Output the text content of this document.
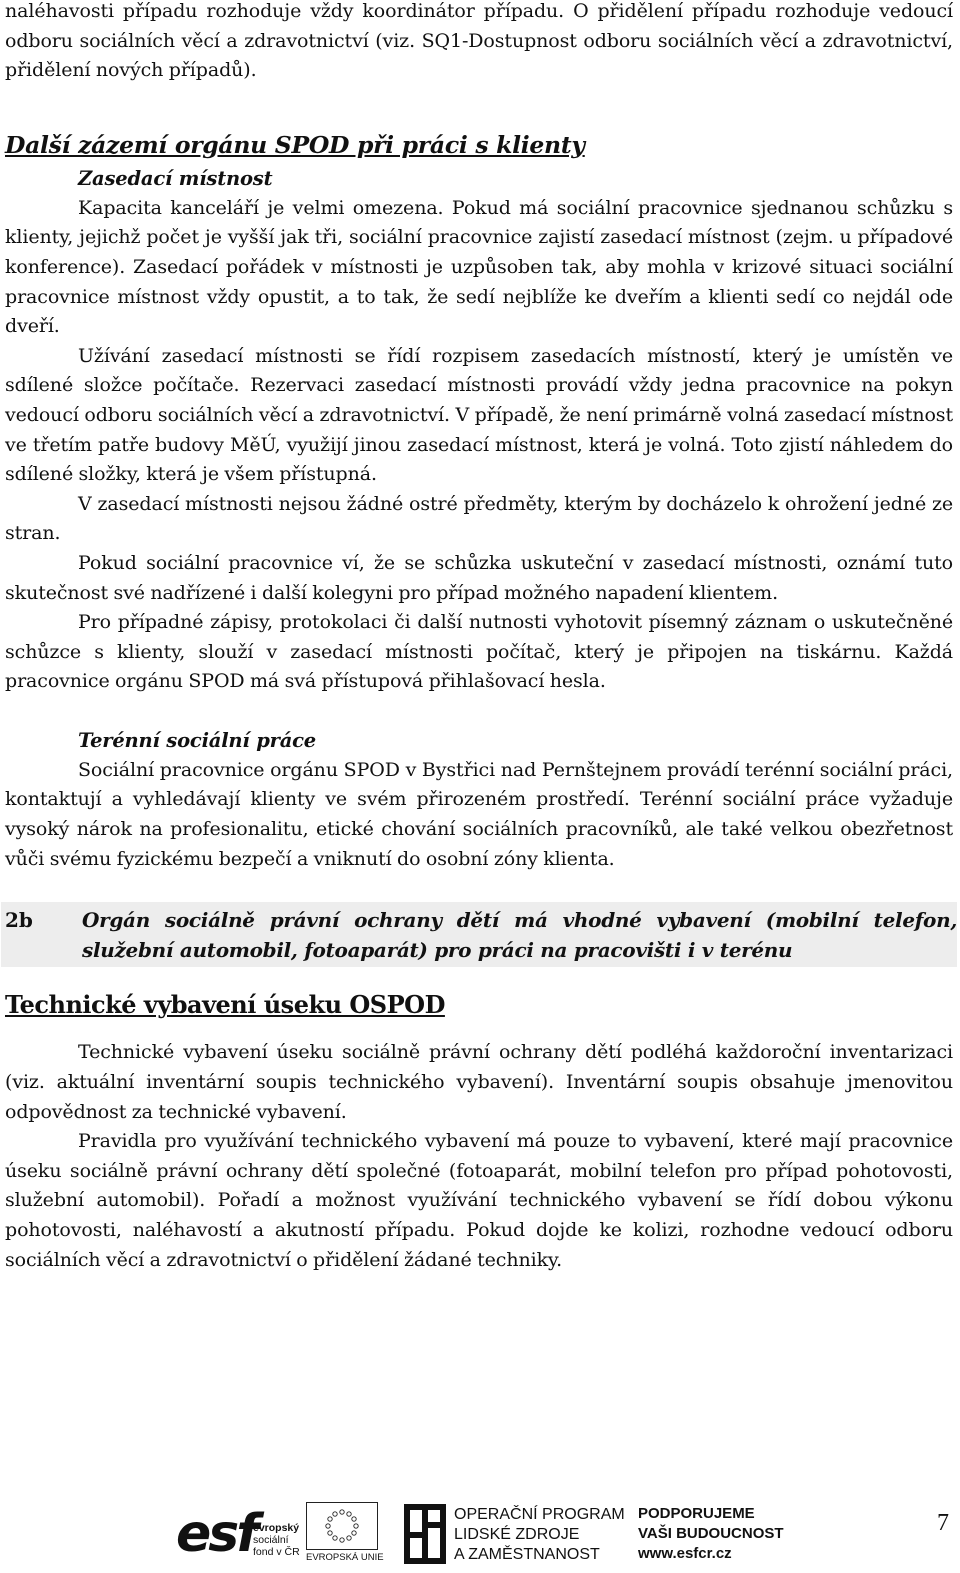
naléhavosti případu rozhoduje vždy koordinátor případu. O přidělení případu rozhoduje vedoucí odboru sociálních věcí a zdravotnictví (viz. SQ1-Dostupnost odboru sociálních věcí a zdravotnictví, přidělení nových případů).

Další zázemí orgánu SPOD při práci s klienty

Zasedací místnost

Kapacita kanceláří je velmi omezena. Pokud má sociální pracovnice sjednanou schůzku s klienty, jejichž počet je vyšší jak tři, sociální pracovnice zajistí zasedací místnost (zejm. u případové konference). Zasedací pořádek v místnosti je uzpůsoben tak, aby mohla v krizové situaci sociální pracovnice místnost vždy opustit, a to tak, že sedí nejblíže ke dveřím a klienti sedí co nejdál ode dveří.

Užívání zasedací místnosti se řídí rozpisem zasedacích místností, který je umístěn ve sdílené složce počítače. Rezervaci zasedací místnosti provádí vždy jedna pracovnice na pokyn vedoucí odboru sociálních věcí a zdravotnictví. V případě, že není primárně volná zasedací místnost ve třetím patře budovy MěÚ, využijí jinou zasedací místnost, která je volná. Toto zjistí náhledem do sdílené složky, která je všem přístupná.

V zasedací místnosti nejsou žádné ostré předměty, kterým by docházelo k ohrožení jedné ze stran.

Pokud sociální pracovnice ví, že se schůzka uskuteční v zasedací místnosti, oznámí tuto skutečnost své nadřízené i další kolegyni pro případ možného napadení klientem.

Pro případné zápisy, protokolaci či další nutnosti vyhotovit písemný záznam o uskutečněné schůzce s klienty, slouží v zasedací místnosti počítač, který je připojen na tiskárnu. Každá pracovnice orgánu SPOD má svá přístupová přihlašovací hesla.

Terénní sociální práce

Sociální pracovnice orgánu SPOD v Bystřici nad Pernštejnem provádí terénní sociální práci, kontaktují a vyhledávají klienty ve svém přirozeném prostředí. Terénní sociální práce vyžaduje vysoký nárok na profesionalitu, etické chování sociálních pracovníků, ale také velkou obezřetnost vůči svému fyzickému bezpečí a vniknutí do osobní zóny klienta.

2b Orgán sociálně právní ochrany dětí má vhodné vybavení (mobilní telefon, služební automobil, fotoaparát) pro práci na pracovišti i v terénu

Technické vybavení úseku OSPOD

Technické vybavení úseku sociálně právní ochrany dětí podléhá každoroční inventarizaci (viz. aktuální inventární soupis technického vybavení). Inventární soupis obsahuje jmenovitou odpovědnost za technické vybavení.

Pravidla pro využívání technického vybavení má pouze to vybavení, které mají pracovnice úseku sociálně právní ochrany dětí společné (fotoaparát, mobilní telefon pro případ pohotovosti, služební automobil). Pořadí a možnost využívání technického vybavení se řídí dobou výkonu pohotovosti, naléhavostí a akutností případu. Pokud dojde ke kolizi, rozhodne vedoucí odboru sociálních věcí a zdravotnictví o přidělení žádané techniky.

esf
evropský
sociální
fond v ČR EVROPSKÁ UNIE
OPERAČNÍ PROGRAM
LIDSKÉ ZDROJE
A ZAMĚSTNANOST
PODPORUJEME
VAŠI BUDOUCNOST
www.esfcr.cz
7
